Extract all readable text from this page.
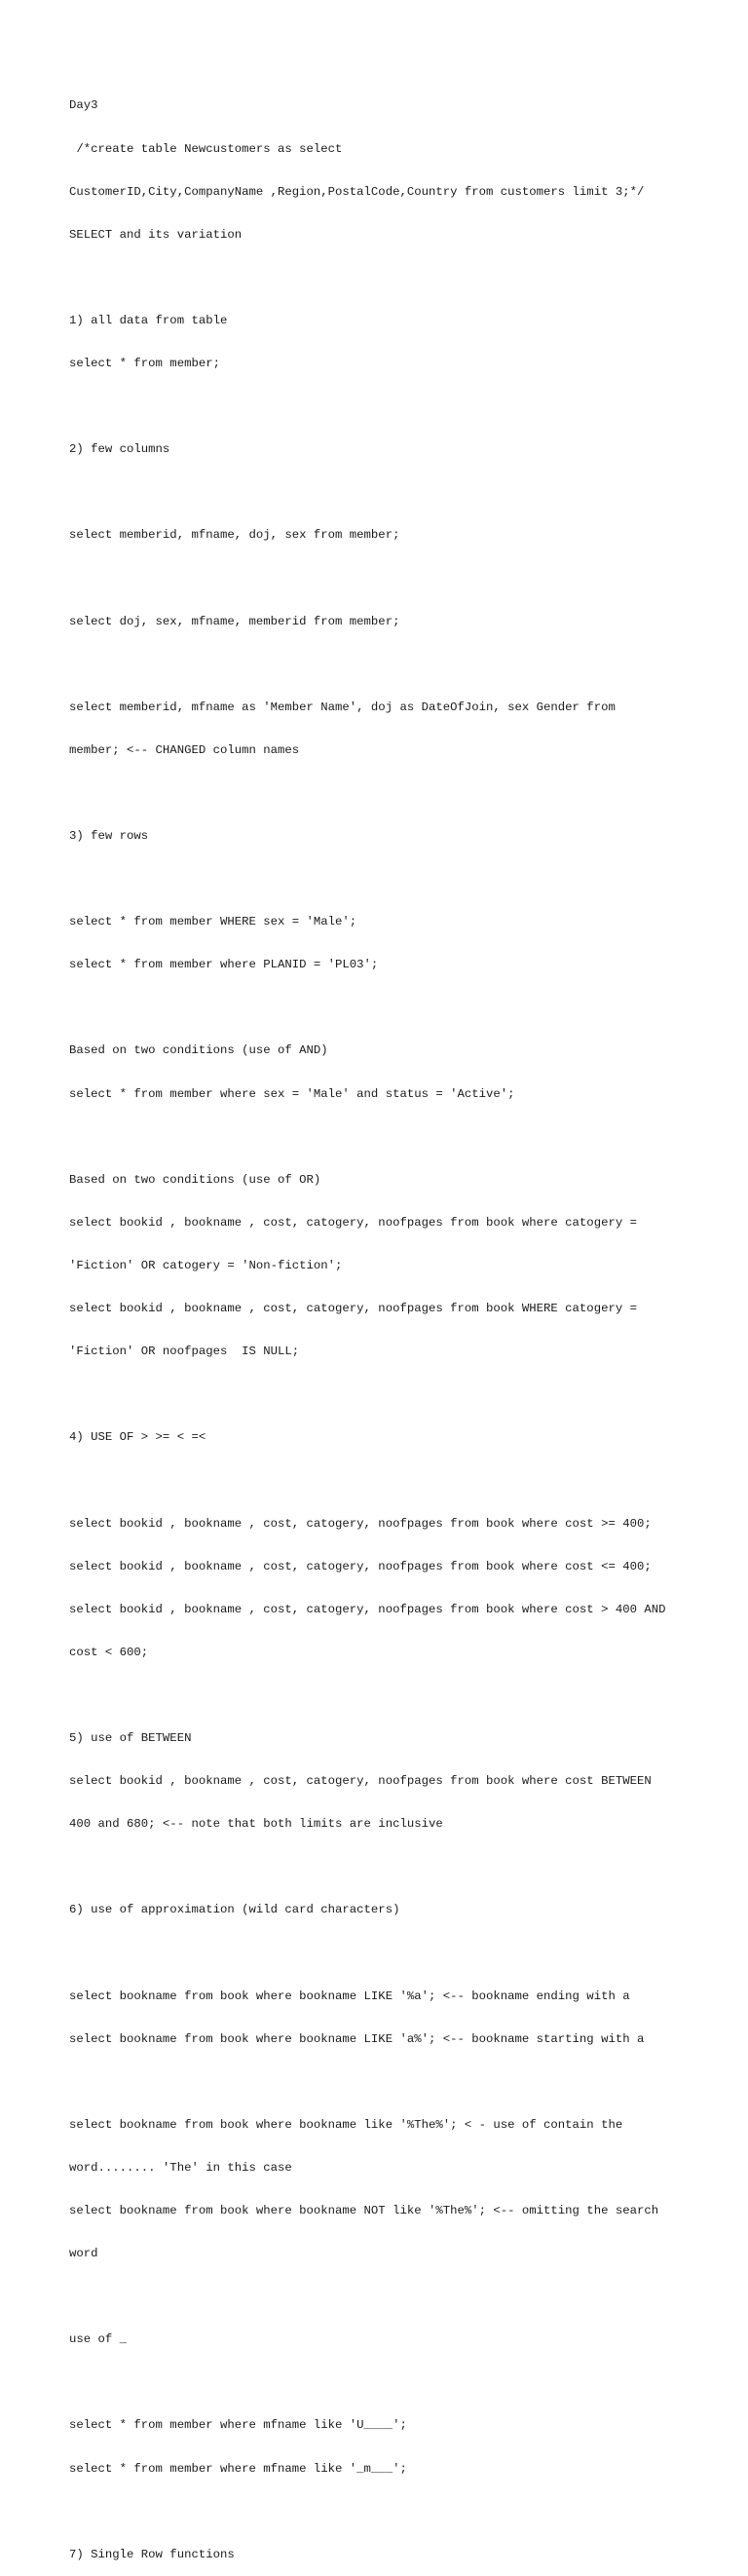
Day3

/*create table Newcustomers as select

CustomerID,City,CompanyName ,Region,PostalCode,Country from customers limit 3;*/

SELECT and its variation

1) all data from table

select * from member;

2) few columns

select memberid, mfname, doj, sex from member;

select doj, sex, mfname, memberid from member;

select memberid, mfname as 'Member Name', doj as DateOfJoin, sex Gender from

member; <-- CHANGED column names

3) few rows

select * from member WHERE sex = 'Male';

select * from member where PLANID = 'PL03';

Based on two conditions (use of AND)

select * from member where sex = 'Male' and status = 'Active';

Based on two conditions (use of OR)

select bookid , bookname , cost, catogery, noofpages from book where catogery =

'Fiction' OR catogery = 'Non-fiction';

select bookid , bookname , cost, catogery, noofpages from book WHERE catogery =

'Fiction' OR noofpages  IS NULL;

4) USE OF > >= < =<

select bookid , bookname , cost, catogery, noofpages from book where cost >= 400;

select bookid , bookname , cost, catogery, noofpages from book where cost <= 400;

select bookid , bookname , cost, catogery, noofpages from book where cost > 400 AND

cost < 600;

5) use of BETWEEN

select bookid , bookname , cost, catogery, noofpages from book where cost BETWEEN

400 and 680; <-- note that both limits are inclusive

6) use of approximation (wild card characters)

select bookname from book where bookname LIKE '%a'; <-- bookname ending with a

select bookname from book where bookname LIKE 'a%'; <-- bookname starting with a

select bookname from book where bookname like '%The%'; < - use of contain the

word........ 'The' in this case

select bookname from book where bookname NOT like '%The%'; <-- omitting the search

word

use of _

select * from member where mfname like 'U____';

select * from member where mfname like '_m___';

7) Single Row functions
